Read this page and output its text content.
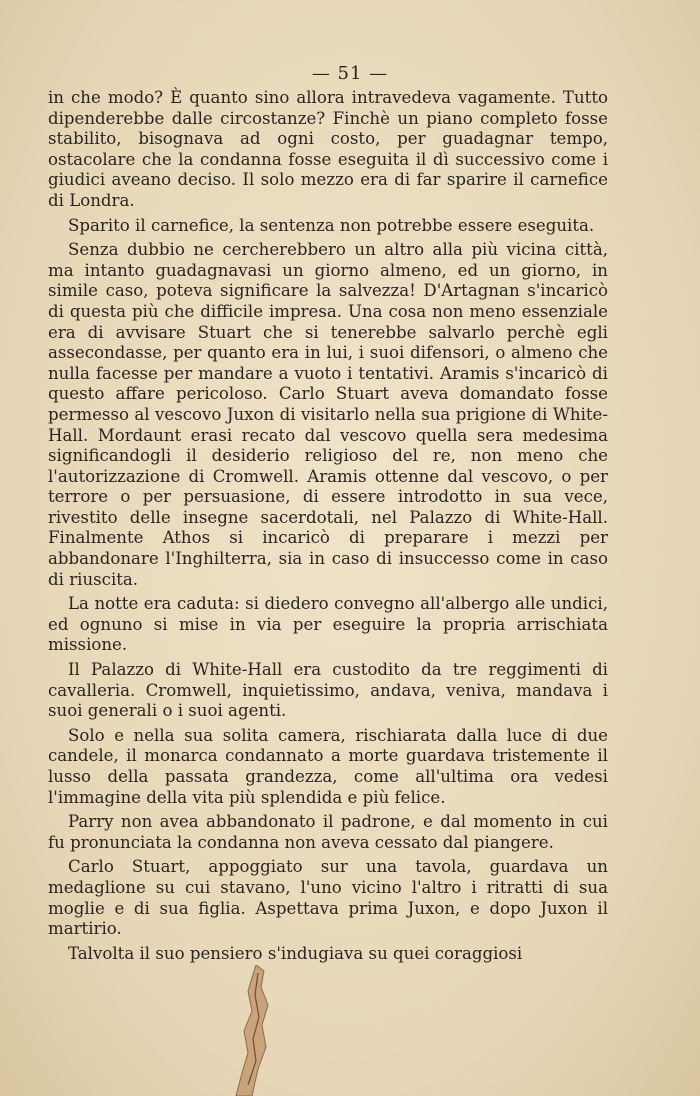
— 51 —

in che modo? È quanto sino allora intravedeva vagamente. Tutto dipenderebbe dalle circostanze? Finchè un piano completo fosse stabilito, bisognava ad ogni costo, per guadagnar tempo, ostacolare che la condanna fosse eseguita il dì successivo come i giudici aveano deciso. Il solo mezzo era di far sparire il carnefice di Londra.

Sparito il carnefice, la sentenza non potrebbe essere eseguita.

Senza dubbio ne cercherebbero un altro alla più vicina città, ma intanto guadagnavasi un giorno almeno, ed un giorno, in simile caso, poteva significare la salvezza! D'Artagnan s'incaricò di questa più che difficile impresa. Una cosa non meno essenziale era di avvisare Stuart che si tenerebbe salvarlo perchè egli assecondasse, per quanto era in lui, i suoi difensori, o almeno che nulla facesse per mandare a vuoto i tentativi. Aramis s'incaricò di questo affare pericoloso. Carlo Stuart aveva domandato fosse permesso al vescovo Juxon di visitarlo nella sua prigione di White-Hall. Mordaunt erasi recato dal vescovo quella sera medesima significandogli il desiderio religioso del re, non meno che l'autorizzazione di Cromwell. Aramis ottenne dal vescovo, o per terrore o per persuasione, di essere introdotto in sua vece, rivestito delle insegne sacerdotali, nel Palazzo di White-Hall. Finalmente Athos si incaricò di preparare i mezzi per abbandonare l'Inghilterra, sia in caso di insuccesso come in caso di riuscita.

La notte era caduta: si diedero convegno all'albergo alle undici, ed ognuno si mise in via per eseguire la propria arrischiata missione.

Il Palazzo di White-Hall era custodito da tre reggimenti di cavalleria. Cromwell, inquietissimo, andava, veniva, mandava i suoi generali o i suoi agenti.

Solo e nella sua solita camera, rischiarata dalla luce di due candele, il monarca condannato a morte guardava tristemente il lusso della passata grandezza, come all'ultima ora vedesi l'immagine della vita più splendida e più felice.

Parry non avea abbandonato il padrone, e dal momento in cui fu pronunciata la condanna non aveva cessato dal piangere.

Carlo Stuart, appoggiato sur una tavola, guardava un medaglione su cui stavano, l'uno vicino l'altro i ritratti di sua moglie e di sua figlia. Aspettava prima Juxon, e dopo Juxon il martirio.

Talvolta il suo pensiero s'indugiava su quei coraggiosi
